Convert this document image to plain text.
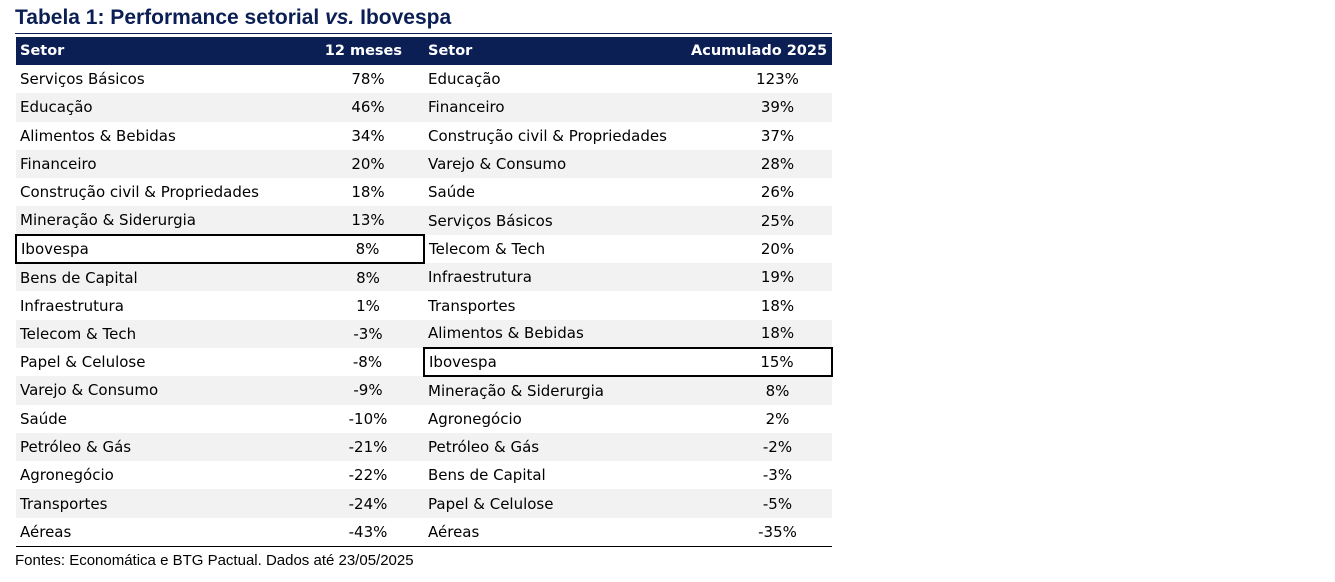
Tabela 1: Performance setorial vs. Ibovespa
Setor	12 meses	Setor	Acumulado 2025
Serviços Básicos	78%	Educação	123%
Educação	46%	Financeiro	39%
Alimentos & Bebidas	34%	Construção civil & Propriedades	37%
Financeiro	20%	Varejo & Consumo	28%
Construção civil & Propriedades	18%	Saúde	26%
Mineração & Siderurgia	13%	Serviços Básicos	25%
Ibovespa	8%	Telecom & Tech	20%
Bens de Capital	8%	Infraestrutura	19%
Infraestrutura	1%	Transportes	18%
Telecom & Tech	-3%	Alimentos & Bebidas	18%
Papel & Celulose	-8%	Ibovespa	15%
Varejo & Consumo	-9%	Mineração & Siderurgia	8%
Saúde	-10%	Agronegócio	2%
Petróleo & Gás	-21%	Petróleo & Gás	-2%
Agronegócio	-22%	Bens de Capital	-3%
Transportes	-24%	Papel & Celulose	-5%
Aéreas	-43%	Aéreas	-35%
Fontes: Economática e BTG Pactual. Dados até 23/05/2025
